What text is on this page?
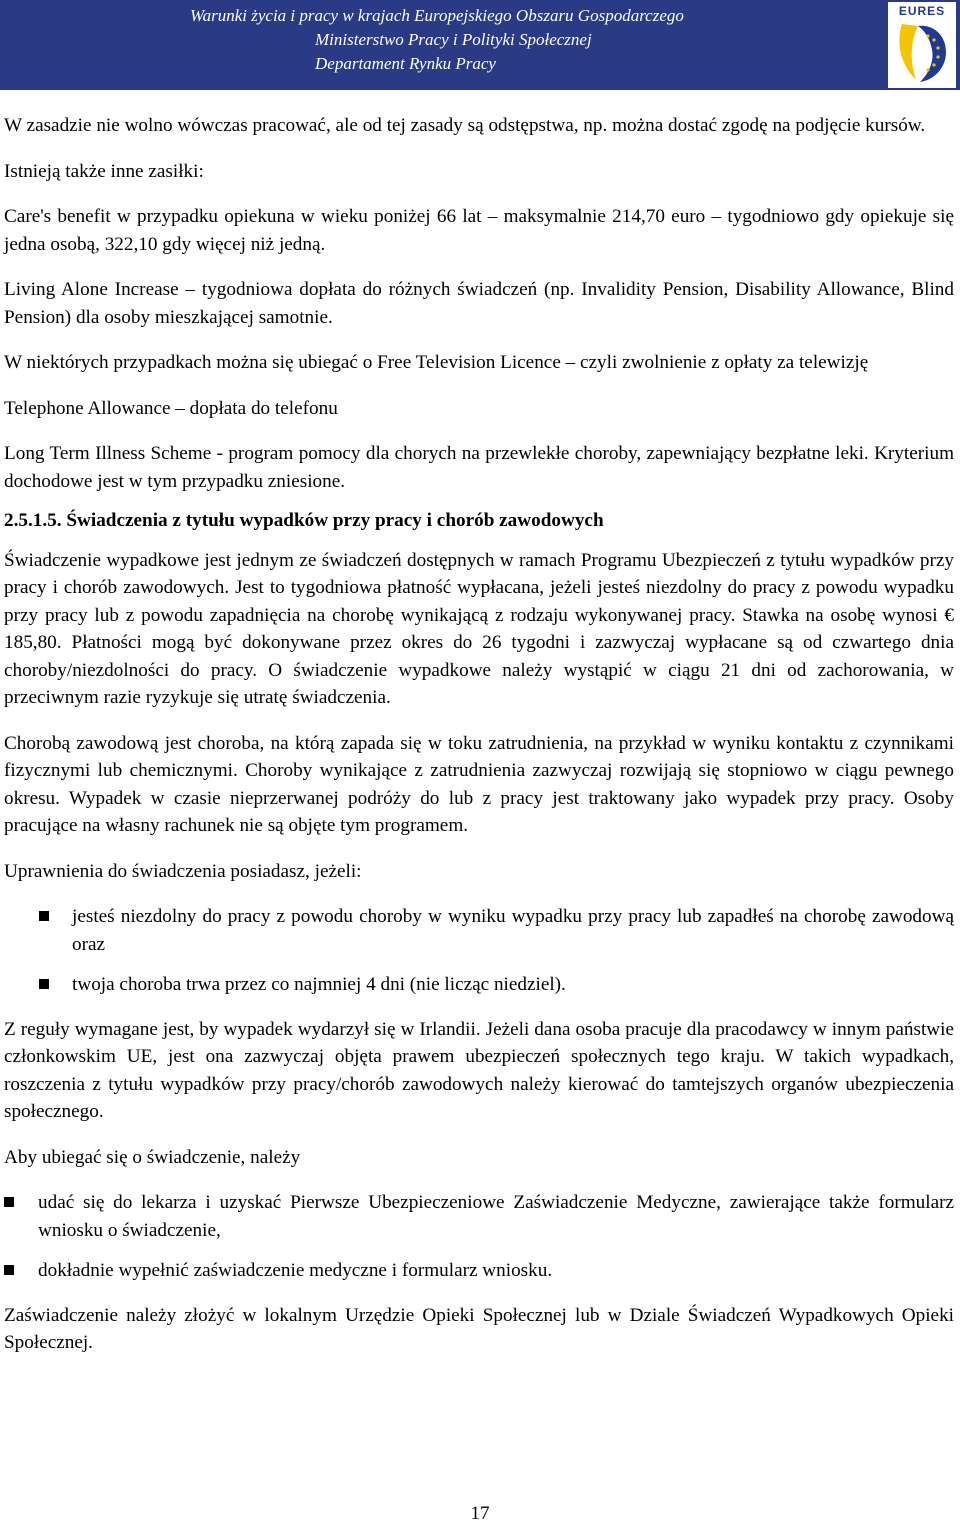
Warunki życia i pracy w krajach Europejskiego Obszaru Gospodarczego
Ministerstwo Pracy i Polityki Społecznej
Departament Rynku Pracy
EURES

W zasadzie nie wolno wówczas pracować, ale od tej zasady są odstępstwa, np. można dostać zgodę na podjęcie kursów.

Istnieją także inne zasiłki:

Care's benefit w przypadku opiekuna w wieku poniżej 66 lat – maksymalnie 214,70 euro – tygodniowo gdy opiekuje się jedna osobą, 322,10 gdy więcej niż jedną.

Living Alone Increase – tygodniowa dopłata do różnych świadczeń (np. Invalidity Pension, Disability Allowance, Blind Pension) dla osoby mieszkającej samotnie.

W niektórych przypadkach można się ubiegać o Free Television Licence – czyli zwolnienie z opłaty za telewizję

Telephone Allowance – dopłata do telefonu

Long Term Illness Scheme - program pomocy dla chorych na przewlekłe choroby, zapewniający bezpłatne leki. Kryterium dochodowe jest w tym przypadku zniesione.

2.5.1.5. Świadczenia z tytułu wypadków przy pracy i chorób zawodowych

Świadczenie wypadkowe jest jednym ze świadczeń dostępnych w ramach Programu Ubezpieczeń z tytułu wypadków przy pracy i chorób zawodowych. Jest to tygodniowa płatność wypłacana, jeżeli jesteś niezdolny do pracy z powodu wypadku przy pracy lub z powodu zapadnięcia na chorobę wynikającą z rodzaju wykonywanej pracy. Stawka na osobę wynosi € 185,80. Płatności mogą być dokonywane przez okres do 26 tygodni i zazwyczaj wypłacane są od czwartego dnia choroby/niezdolności do pracy. O świadczenie wypadkowe należy wystąpić w ciągu 21 dni od zachorowania, w przeciwnym razie ryzykuje się utratę świadczenia.

Chorobą zawodową jest choroba, na którą zapada się w toku zatrudnienia, na przykład w wyniku kontaktu z czynnikami fizycznymi lub chemicznymi. Choroby wynikające z zatrudnienia zazwyczaj rozwijają się stopniowo w ciągu pewnego okresu. Wypadek w czasie nieprzerwanej podróży do lub z pracy jest traktowany jako wypadek przy pracy. Osoby pracujące na własny rachunek nie są objęte tym programem.

Uprawnienia do świadczenia posiadasz, jeżeli:

jesteś niezdolny do pracy z powodu choroby w wyniku wypadku przy pracy lub zapadłeś na chorobę zawodową oraz
twoja choroba trwa przez co najmniej 4 dni (nie licząc niedziel).

Z reguły wymagane jest, by wypadek wydarzył się w Irlandii. Jeżeli dana osoba pracuje dla pracodawcy w innym państwie członkowskim UE, jest ona zazwyczaj objęta prawem ubezpieczeń społecznych tego kraju. W takich wypadkach, roszczenia z tytułu wypadków przy pracy/chorób zawodowych należy kierować do tamtejszych organów ubezpieczenia społecznego.

Aby ubiegać się o świadczenie, należy

udać się do lekarza i uzyskać Pierwsze Ubezpieczeniowe Zaświadczenie Medyczne, zawierające także formularz wniosku o świadczenie,
dokładnie wypełnić zaświadczenie medyczne i formularz wniosku.

Zaświadczenie należy złożyć w lokalnym Urzędzie Opieki Społecznej lub w Dziale Świadczeń Wypadkowych Opieki Społecznej.

17
